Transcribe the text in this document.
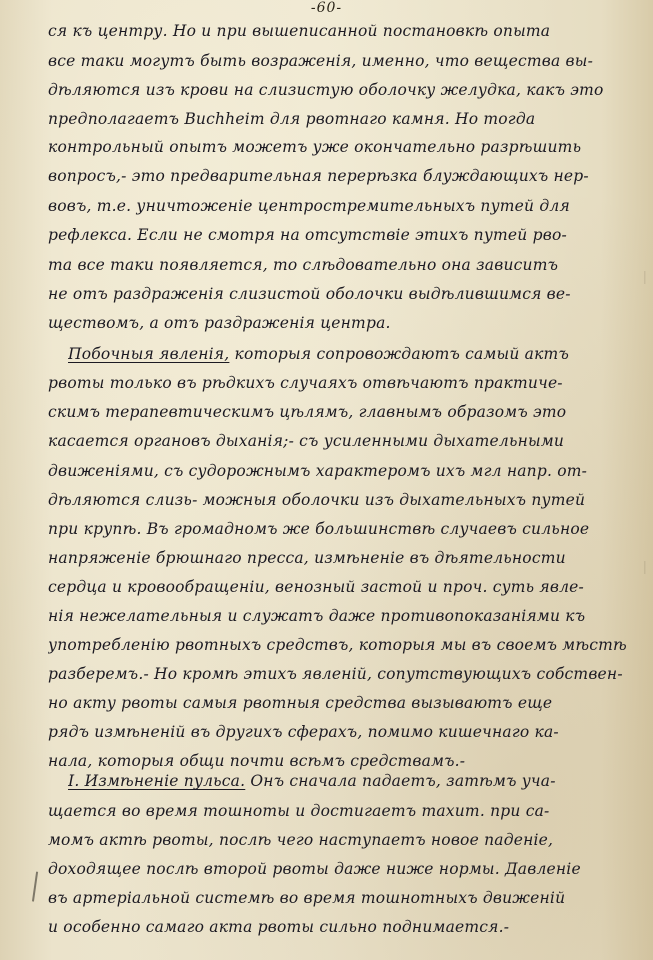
-60-
ся къ центру. Но и при вышеписанной постановкѣ опыта
все таки могутъ быть возраженія, именно, что вещества вы-
дѣляются изъ крови на слизистую оболочку желудка, какъ это
предполагаетъ Buchheim для рвотнаго камня. Но тогда
контрольный опытъ можетъ уже окончательно разрѣшить
вопросъ,- это предварительная перерѣзка блуждающихъ нер-
вовъ, т.е. уничтоженіе центростремительныхъ путей для
рефлекса. Если не смотря на отсутствіе этихъ путей рво-
та все таки появляется, то слѣдовательно она зависитъ
не отъ раздраженія слизистой оболочки выдѣлившимся ве-
ществомъ, а отъ раздраженія центра.
Побочныя явленія, которыя сопровождаютъ самый актъ
рвоты только въ рѣдкихъ случаяхъ отвѣчаютъ практиче-
скимъ терапевтическимъ цѣлямъ, главнымъ образомъ это
касается органовъ дыханія;- съ усиленными дыхательными
движеніями, съ судорожнымъ характеромъ ихъ мгл напр. от-
дѣляются слизь- можныя оболочки изъ дыхательныхъ путей
при крупѣ. Въ громадномъ же большинствѣ случаевъ сильное
напряженіе брюшнаго пресса, измѣненіе въ дѣятельности
сердца и кровообращеніи, венозный застой и проч. суть явле-
нія нежелательныя и служатъ даже противопоказаніями къ
употребленію рвотныхъ средствъ, которыя мы въ своемъ мѣстѣ
разберемъ.- Но кромѣ этихъ явленій, сопутствующихъ собствен-
но акту рвоты самыя рвотныя средства вызываютъ еще
рядъ измѣненій въ другихъ сферахъ, помимо кишечнаго ка-
нала, которыя общи почти всѣмъ средствамъ.-
I. Измѣненіе пульса. Онъ сначала падаетъ, затѣмъ уча-
щается во время тошноты и достигаетъ тахит. при са-
момъ актѣ рвоты, послѣ чего наступаетъ новое паденіе,
доходящее послѣ второй рвоты даже ниже нормы. Давленіе
въ артеріальной системѣ во время тошнотныхъ движеній
и особенно самаго акта рвоты сильно поднимается.-
|
|
